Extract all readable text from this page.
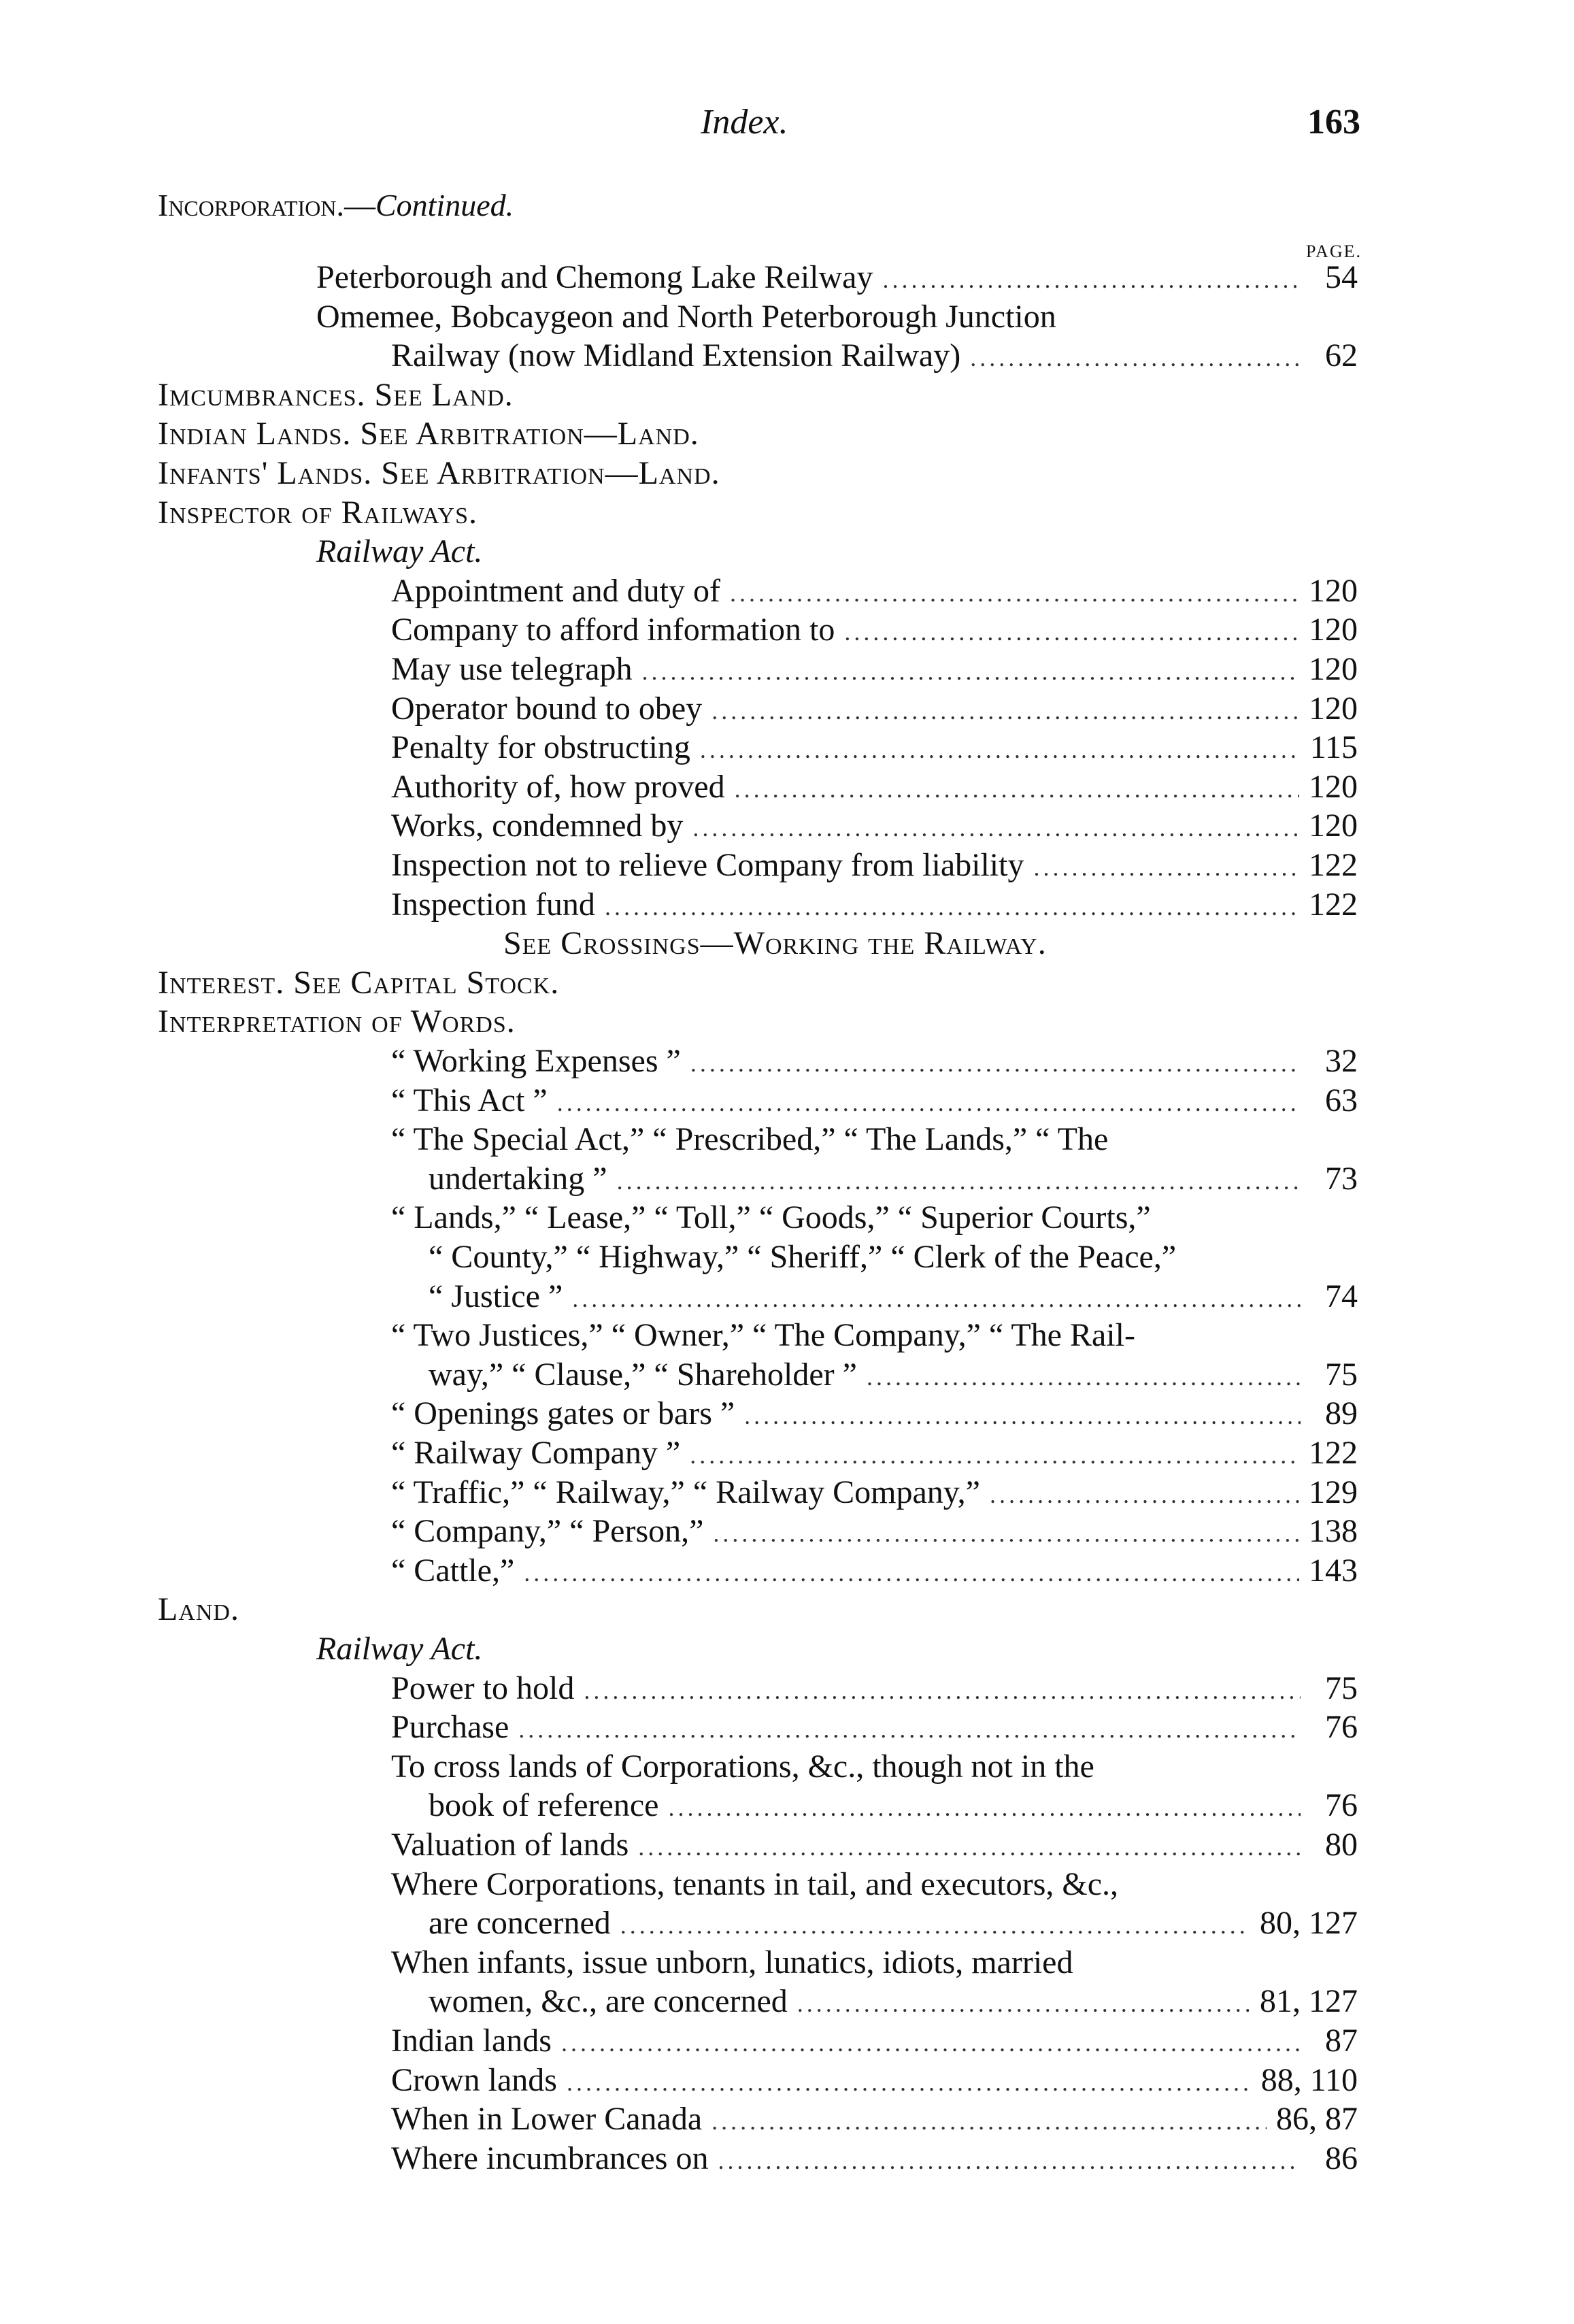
Index.	163
Incorporation.—Continued.
PAGE.
Peterborough and Chemong Lake Reilway .....	54
Omemee, Bobcaygeon and North Peterborough Junction
Railway (now Midland Extension Railway) .....	62
Imcumbrances. See Land.
Indian Lands. See Arbitration—Land.
Infants' Lands. See Arbitration—Land.
Inspector of Railways.
Railway Act.
Appointment and duty of .....	120
Company to afford information to .....	120
May use telegraph .....	120
Operator bound to obey .....	120
Penalty for obstructing .....	115
Authority of, how proved .....	120
Works, condemned by .....	120
Inspection not to relieve Company from liability .....	122
Inspection fund .....	122
See Crossings—Working the Railway.
Interest. See Capital Stock.
Interpretation of Words.
“ Working Expenses ” .....	32
“ This Act ” .....	63
“ The Special Act,” “ Prescribed,” “ The Lands,” “ The
undertaking ” .....	73
“ Lands,” “ Lease,” “ Toll,” “ Goods,” “ Superior Courts,”
“ County,” “ Highway,” “ Sheriff,” “ Clerk of the Peace,”
“ Justice ” .....	74
“ Two Justices,” “ Owner,” “ The Company,” “ The Rail-
way,” “ Clause,” “ Shareholder ” .....	75
“ Openings gates or bars ” .....	89
“ Railway Company ” .....	122
“ Traffic,” “ Railway,” “ Railway Company,” .....	129
“ Company,” “ Person,” .....	138
“ Cattle,” .....	143
Land.
Railway Act.
Power to hold .....	75
Purchase .....	76
To cross lands of Corporations, &c., though not in the
book of reference .....	76
Valuation of lands .....	80
Where Corporations, tenants in tail, and executors, &c.,
are concerned .....	80, 127
When infants, issue unborn, lunatics, idiots, married
women, &c., are concerned .....	81, 127
Indian lands .....	87
Crown lands .....	88, 110
When in Lower Canada .....	86, 87
Where incumbrances on .....	86
